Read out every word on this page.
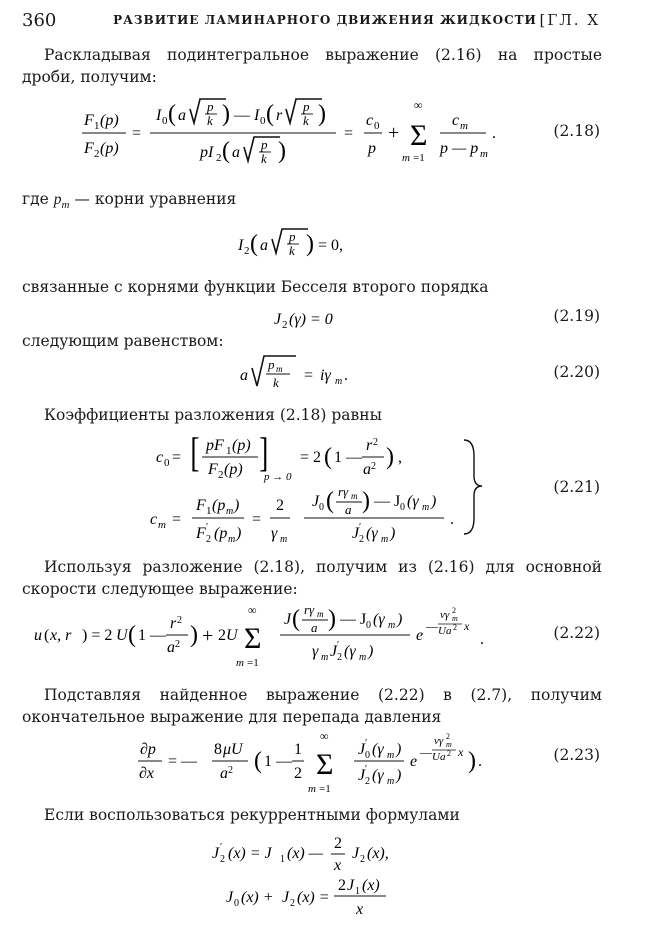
360	РАЗВИТИЕ ЛАМИНАРНОГО ДВИЖЕНИЯ ЖИДКОСТИ [ГЛ. X
Раскладывая подинтегральное выражение (2.16) на простые дроби, получим:
F 1 (p)
F 2 (p)
=
I 0 ( a
p
k ) — I 0 ( r
p
k )
pI 2 ( a p
k )
=
c 0
p
+ Σ
∞
m =1
c m
p — p m
.	(2.18)
где $p_m$ — корни уравнения
I 2 ( a
p
k ) = 0,
связанные с корнями функции Бесселя второго порядка
J 2 (γ) = 0	(2.19)
следующим равенством:
a
p m
k = iγ m .	(2.20)
Коэффициенты разложения (2.18) равны
c 0 = [ pF 1 (p)
F 2 (p) ]
p → 0
= 2 ( 1 —
r 2
a 2 ) ,
c m =
F 1 (p m )
F ′
2 (p m )
=
2
γ m
J 0 ( rγ m
a ) — J 0 (γ m )
J ′
2 (γ m )
.
(2.21)
Используя разложение (2.18), получим из (2.16) для основной скорости следующее выражение:
u ( x, r ) = 2 U ( 1 —
r 2
a 2 ) + 2 U Σ
∞
m =1
J ( rγ m
a ) — J 0 (γ m )
γ m J ′
2 (γ m )
e
—
νγ 2
m
Ua 2 x
.	(2.22)
Подставляя найденное выражение (2.22) в (2.7), получим окончательное выражение для перепада давления
∂p
∂x
= —
8 μU
a 2 ( 1 —
1
2 Σ
∞
m =1
J ′
0 (γ m )
J ′
2 (γ m )
e
—
νγ 2
m
Ua 2 x ) .	(2.23)
Если воспользоваться рекуррентными формулами
J ′
2 (x) = J 1 (x) —
2
x
J 2 (x),
J 0 (x) + J 2 (x) =
2 J 1 (x)
x
